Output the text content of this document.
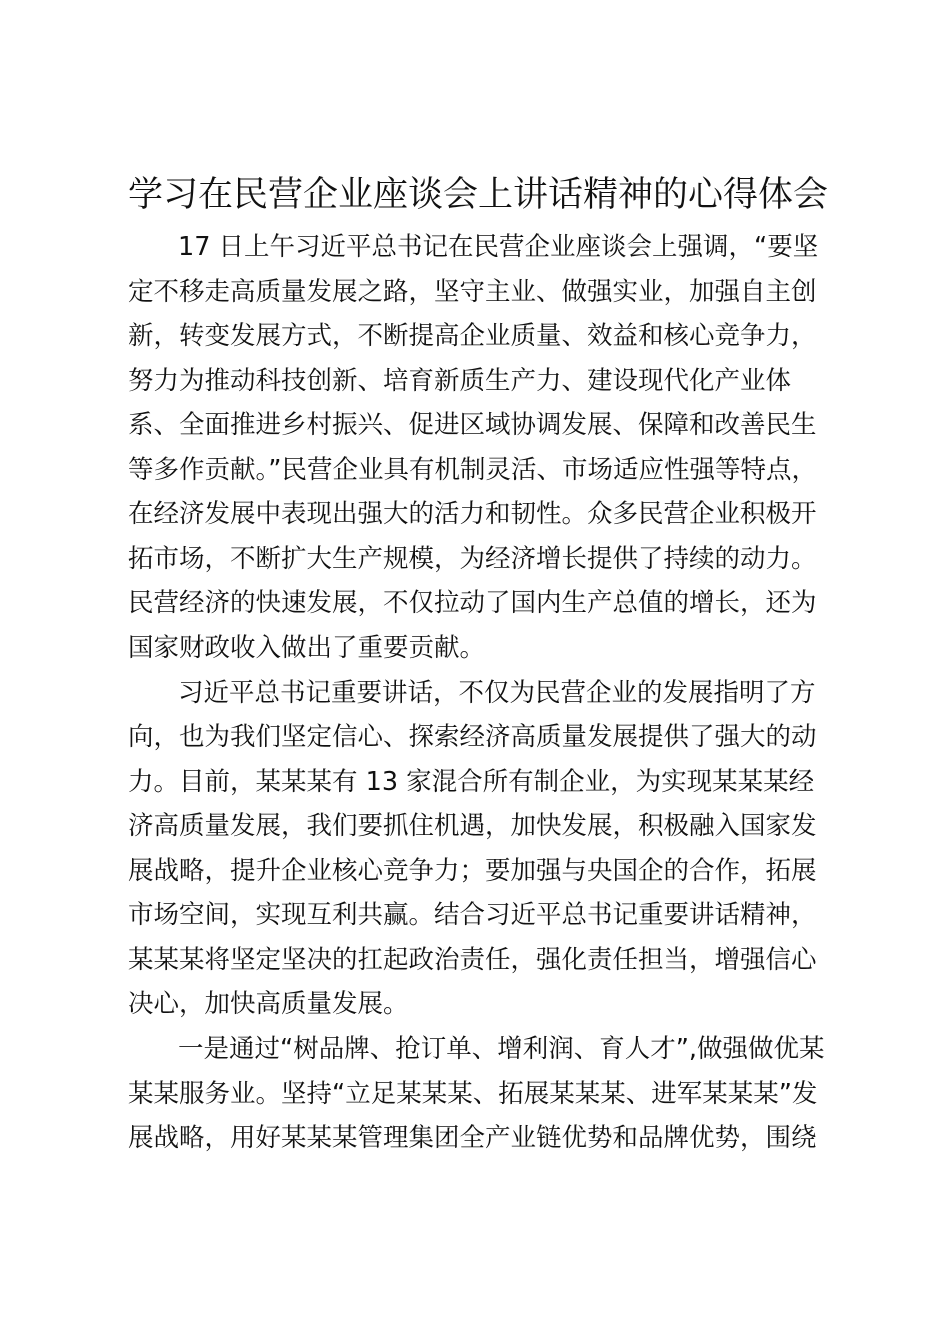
学习在民营企业座谈会上讲话精神的心得体会

17 日上午习近平总书记在民营企业座谈会上强调，“要坚

定不移走高质量发展之路，坚守主业、做强实业，加强自主创

新，转变发展方式，不断提高企业质量、效益和核心竞争力，

努力为推动科技创新、培育新质生产力、建设现代化产业体

系、全面推进乡村振兴、促进区域协调发展、保障和改善民生

等多作贡献。”民营企业具有机制灵活、市场适应性强等特点，

在经济发展中表现出强大的活力和韧性。众多民营企业积极开

拓市场，不断扩大生产规模，为经济增长提供了持续的动力。

民营经济的快速发展，不仅拉动了国内生产总值的增长，还为

国家财政收入做出了重要贡献。

习近平总书记重要讲话，不仅为民营企业的发展指明了方

向，也为我们坚定信心、探索经济高质量发展提供了强大的动

力。目前，某某某有 13 家混合所有制企业，为实现某某某经

济高质量发展，我们要抓住机遇，加快发展，积极融入国家发

展战略，提升企业核心竞争力；要加强与央国企的合作，拓展

市场空间，实现互利共赢。结合习近平总书记重要讲话精神，

某某某将坚定坚决的扛起政治责任，强化责任担当，增强信心

决心，加快高质量发展。

一是通过“树品牌、抢订单、增利润、育人才”,做强做优某

某某服务业。坚持“立足某某某、拓展某某某、进军某某某”发

展战略，用好某某某管理集团全产业链优势和品牌优势，围绕
